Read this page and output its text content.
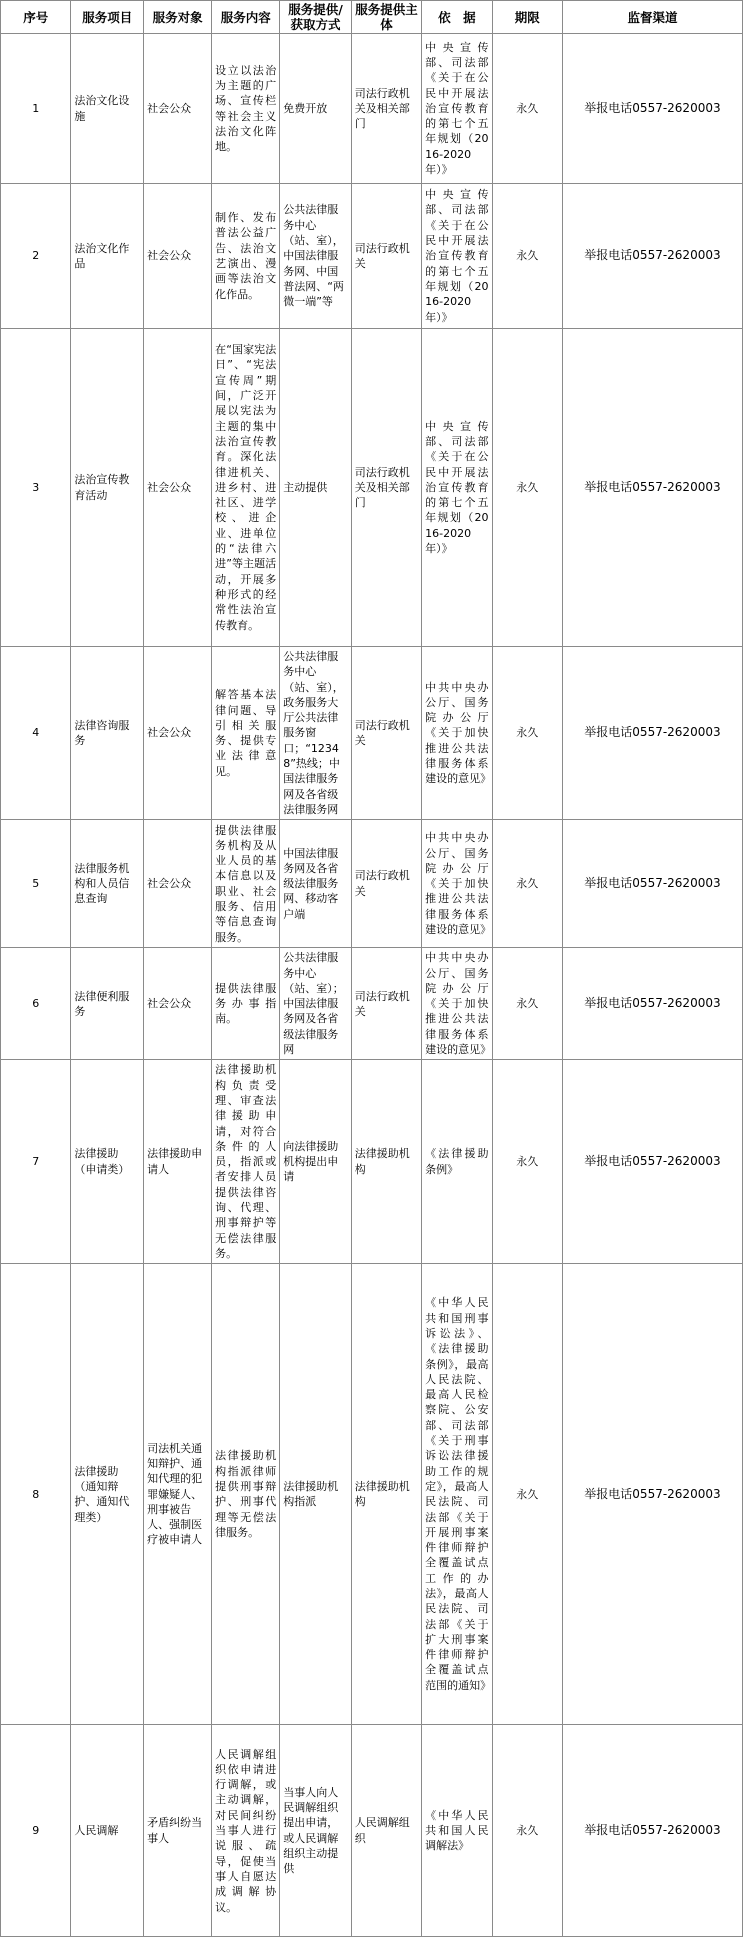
序号	服务项目	服务对象	服务内容	服务提供/获取方式	服务提供主体	依　据	期限	监督渠道
1	法治文化设施	社会公众	设立以法治为主题的广场、宣传栏等社会主义法治文化阵地。	免费开放	司法行政机关及相关部门	中央宣传部、司法部《关于在公民中开展法治宣传教育的第七个五年规划（2016-2020年）》	永久	举报电话0557-2620003
2	法治文化作品	社会公众	制作、发布普法公益广告、法治文艺演出、漫画等法治文化作品。	公共法律服务中心（站、室），中国法律服务网、中国普法网、“两微一端”等	司法行政机关	中央宣传部、司法部《关于在公民中开展法治宣传教育的第七个五年规划（2016-2020年）》	永久	举报电话0557-2620003
3	法治宣传教育活动	社会公众	在“国家宪法日”、“宪法宣传周”期间，广泛开展以宪法为主题的集中法治宣传教育。深化法律进机关、进乡村、进社区、进学校、进企业、进单位的“法律六进”等主题活动，开展多种形式的经常性法治宣传教育。	主动提供	司法行政机关及相关部门	中央宣传部、司法部《关于在公民中开展法治宣传教育的第七个五年规划（2016-2020年）》	永久	举报电话0557-2620003
4	法律咨询服务	社会公众	解答基本法律问题、导引相关服务、提供专业法律意见。	公共法律服务中心（站、室），政务服务大厅公共法律服务窗口；“12348”热线；中国法律服务网及各省级法律服务网	司法行政机关	中共中央办公厅、国务院办公厅《关于加快推进公共法律服务体系建设的意见》	永久	举报电话0557-2620003
5	法律服务机构和人员信息查询	社会公众	提供法律服务机构及从业人员的基本信息以及职业、社会服务、信用等信息查询服务。	中国法律服务网及各省级法律服务网、移动客户端	司法行政机关	中共中央办公厅、国务院办公厅《关于加快推进公共法律服务体系建设的意见》	永久	举报电话0557-2620003
6	法律便利服务	社会公众	提供法律服务办事指南。	公共法律服务中心（站、室）；中国法律服务网及各省级法律服务网	司法行政机关	中共中央办公厅、国务院办公厅《关于加快推进公共法律服务体系建设的意见》	永久	举报电话0557-2620003
7	法律援助（申请类）	法律援助申请人	法律援助机构负责受理、审查法律援助申请，对符合条件的人员，指派或者安排人员提供法律咨询、代理、刑事辩护等无偿法律服务。	向法律援助机构提出申请	法律援助机构	《法律援助条例》	永久	举报电话0557-2620003
8	法律援助（通知辩护、通知代理类）	司法机关通知辩护、通知代理的犯罪嫌疑人、刑事被告人、强制医疗被申请人	法律援助机构指派律师提供刑事辩护、刑事代理等无偿法律服务。	法律援助机构指派	法律援助机构	《中华人民共和国刑事诉讼法》、《法律援助条例》，最高人民法院、最高人民检察院、公安部、司法部《关于刑事诉讼法律援助工作的规定》，最高人民法院、司法部《关于开展刑事案件律师辩护全覆盖试点工作的办法》，最高人民法院、司法部《关于扩大刑事案件律师辩护全覆盖试点范围的通知》	永久	举报电话0557-2620003
9	人民调解	矛盾纠纷当事人	人民调解组织依申请进行调解，或主动调解，对民间纠纷当事人进行说服、疏导，促使当事人自愿达成调解协议。	当事人向人民调解组织提出申请，或人民调解组织主动提供	人民调解组织	《中华人民共和国人民调解法》	永久	举报电话0557-2620003
